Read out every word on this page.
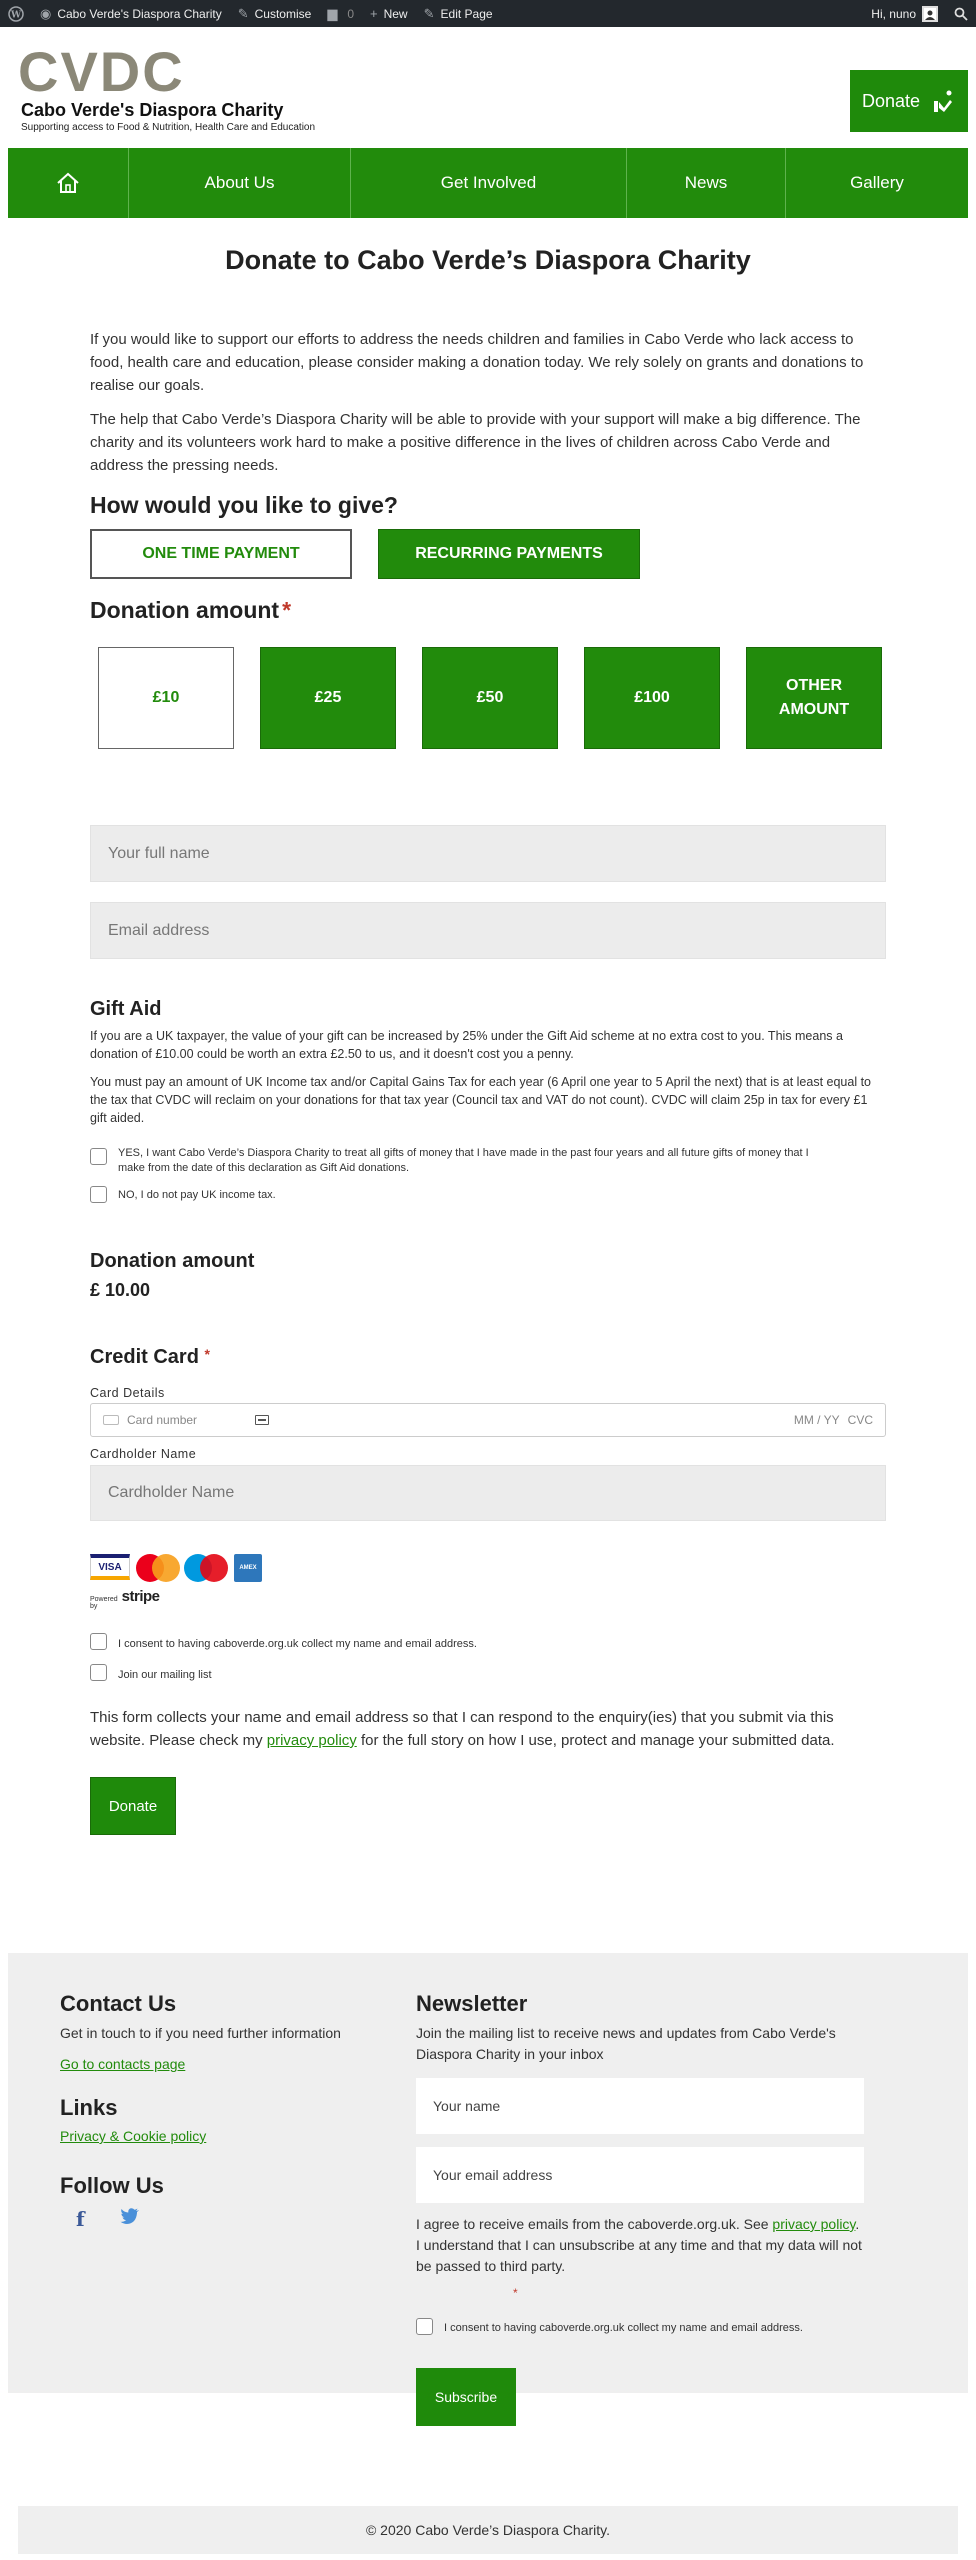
W ◉ Cabo Verde's Diaspora Charity ✎ Customise ▆ 0 + New ✎ Edit Page	Hi, nuno
CVDC
Cabo Verde's Diaspora Charity
Supporting access to Food & Nutrition, Health Care and Education
Donate
About Us	Get Involved	News	Gallery
Donate to Cabo Verde’s Diaspora Charity

If you would like to support our efforts to address the needs children and families in Cabo Verde who lack access to food, health care and education, please consider making a donation today. We rely solely on grants and donations to realise our goals.

The help that Cabo Verde’s Diaspora Charity will be able to provide with your support will make a big difference. The charity and its volunteers work hard to make a positive difference in the lives of children across Cabo Verde and address the pressing needs.

How would you like to give?
ONE TIME PAYMENT	RECURRING PAYMENTS
Donation amount *
£10	£25	£50	£100
OTHER AMOUNT
Your full name
Email address
Gift Aid

If you are a UK taxpayer, the value of your gift can be increased by 25% under the Gift Aid scheme at no extra cost to you. This means a donation of £10.00 could be worth an extra £2.50 to us, and it doesn't cost you a penny.

You must pay an amount of UK Income tax and/or Capital Gains Tax for each year (6 April one year to 5 April the next) that is at least equal to the tax that CVDC will reclaim on your donations for that tax year (Council tax and VAT do not count). CVDC will claim 25p in tax for every £1 gift aided.

YES, I want Cabo Verde’s Diaspora Charity to treat all gifts of money that I have made in the past four years and all future gifts of money that I make from the date of this declaration as Gift Aid donations.
NO, I do not pay UK income tax.
Donation amount
£ 10.00
Credit Card *
Card Details
Card number	MM / YY CVC
Cardholder Name
Cardholder Name
VISA	AMEX
Powered by
stripe
I consent to having caboverde.org.uk collect my name and email address.
Join our mailing list

This form collects your name and email address so that I can respond to the enquiry(ies) that you submit via this website. Please check my privacy policy for the full story on how I use, protect and manage your submitted data.

Donate
Contact Us

Get in touch to if you need further information

Go to contacts page
Links
Privacy & Cookie policy
Follow Us
f
Newsletter

Join the mailing list to receive news and updates from Cabo Verde's Diaspora Charity in your inbox

Your name
Your email address

I agree to receive emails from the caboverde.org.uk. See privacy policy. I understand that I can unsubscribe at any time and that my data will not be passed to third party.

*
I consent to having caboverde.org.uk collect my name and email address.
Subscribe
© 2020 Cabo Verde’s Diaspora Charity.
